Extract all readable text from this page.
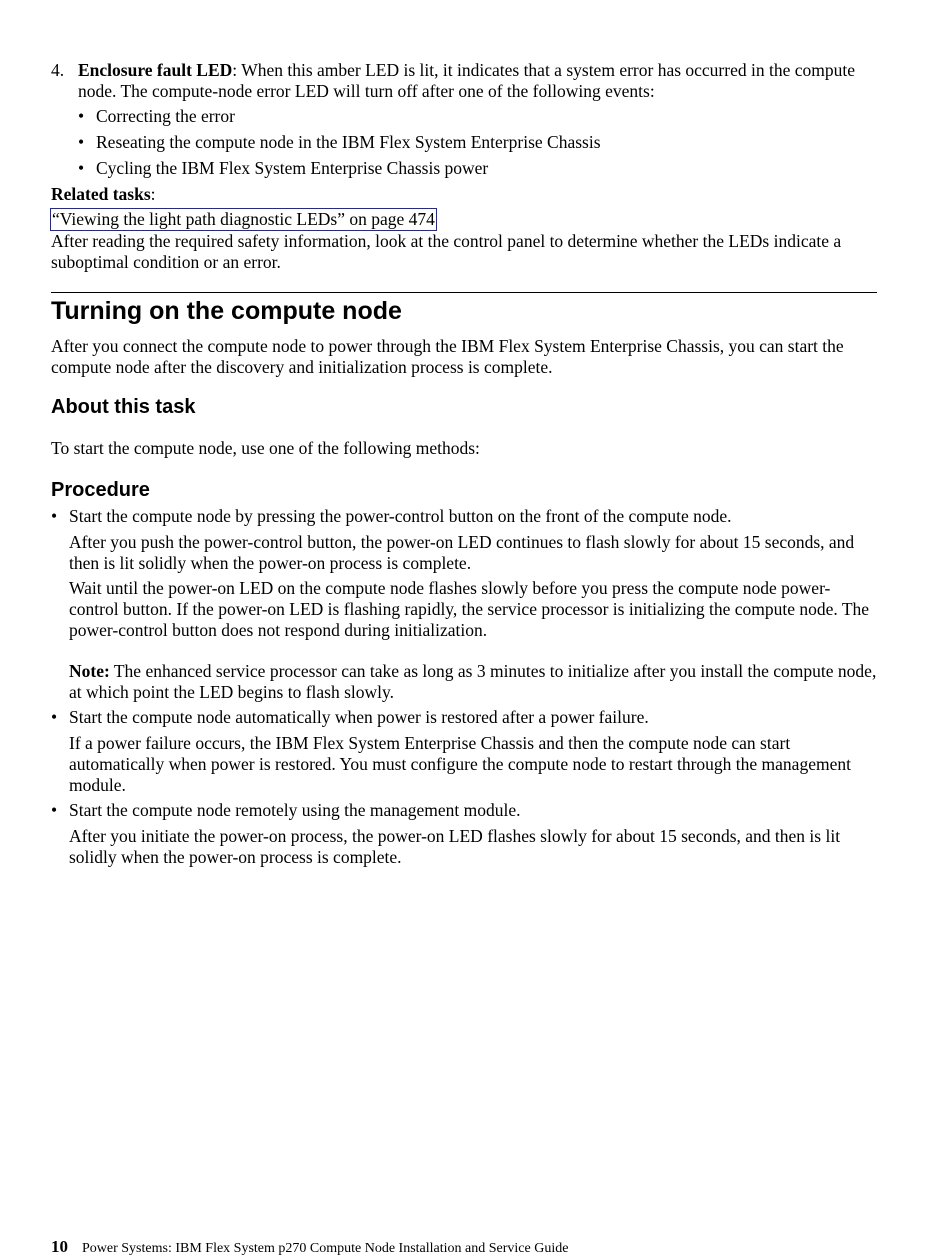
4. Enclosure fault LED: When this amber LED is lit, it indicates that a system error has occurred in the compute node. The compute-node error LED will turn off after one of the following events:
• Correcting the error
• Reseating the compute node in the IBM Flex System Enterprise Chassis
• Cycling the IBM Flex System Enterprise Chassis power
Related tasks:
“Viewing the light path diagnostic LEDs” on page 474
After reading the required safety information, look at the control panel to determine whether the LEDs indicate a suboptimal condition or an error.
Turning on the compute node
After you connect the compute node to power through the IBM Flex System Enterprise Chassis, you can start the compute node after the discovery and initialization process is complete.
About this task
To start the compute node, use one of the following methods:
Procedure
• Start the compute node by pressing the power-control button on the front of the compute node.
After you push the power-control button, the power-on LED continues to flash slowly for about 15 seconds, and then is lit solidly when the power-on process is complete.
Wait until the power-on LED on the compute node flashes slowly before you press the compute node power-control button. If the power-on LED is flashing rapidly, the service processor is initializing the compute node. The power-control button does not respond during initialization.
Note: The enhanced service processor can take as long as 3 minutes to initialize after you install the compute node, at which point the LED begins to flash slowly.
• Start the compute node automatically when power is restored after a power failure.
If a power failure occurs, the IBM Flex System Enterprise Chassis and then the compute node can start automatically when power is restored. You must configure the compute node to restart through the management module.
• Start the compute node remotely using the management module.
After you initiate the power-on process, the power-on LED flashes slowly for about 15 seconds, and then is lit solidly when the power-on process is complete.
10 Power Systems: IBM Flex System p270 Compute Node Installation and Service Guide
